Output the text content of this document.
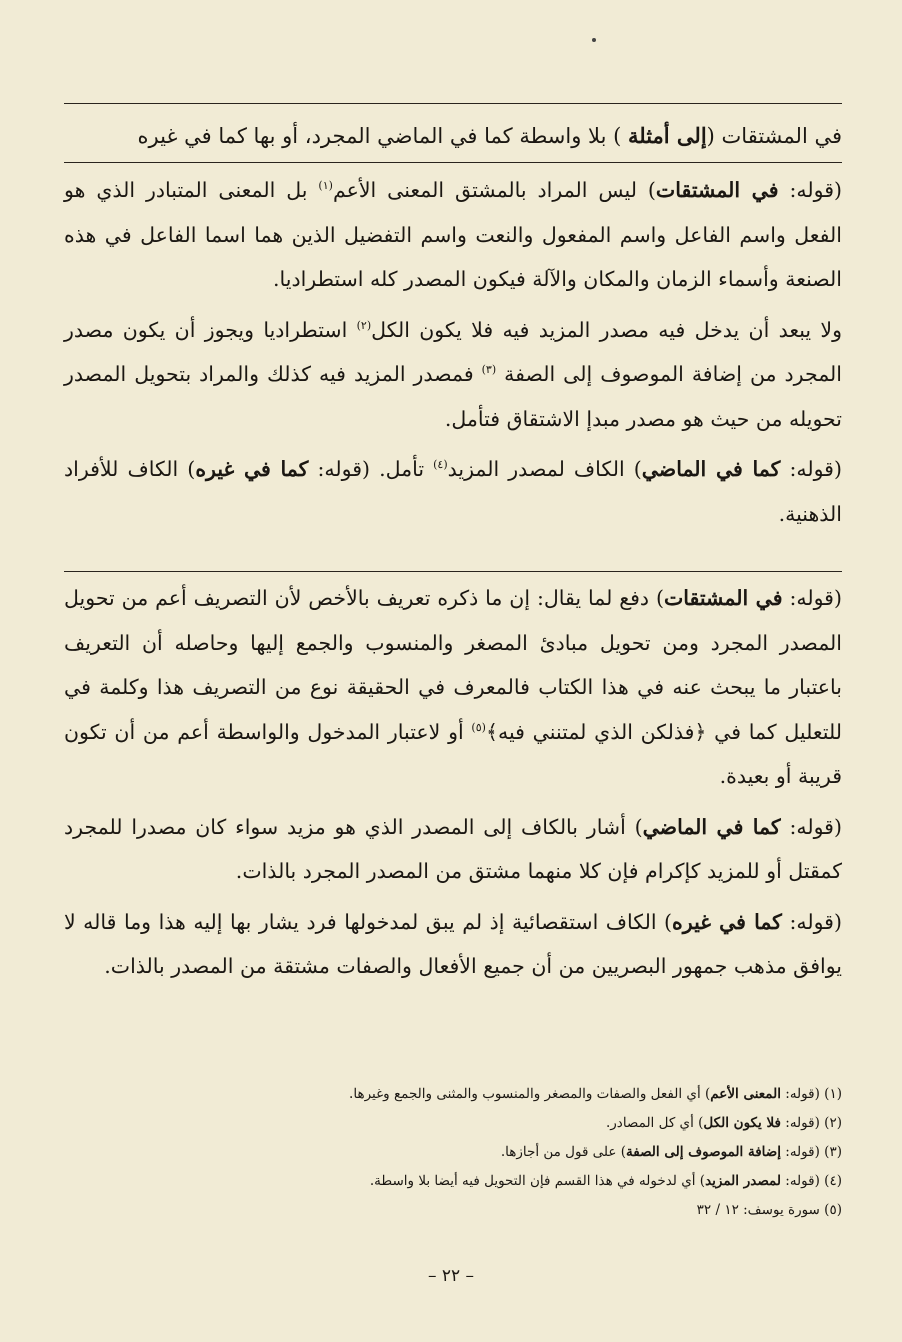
في المشتقات (إلى أمثلة ) بلا واسطة كما في الماضي المجرد، أو بها كما في غيره

(قوله: في المشتقات) ليس المراد بالمشتق المعنى الأعم$^{(١)}$ بل المعنى المتبادر الذي هو الفعل واسم الفاعل واسم المفعول والنعت واسم التفضيل الذين هما اسما الفاعل في هذه الصنعة وأسماء الزمان والمكان والآلة فيكون المصدر كله استطراديا.

ولا يبعد أن يدخل فيه مصدر المزيد فيه فلا يكون الكل$^{(٢)}$ استطراديا ويجوز أن يكون مصدر المجرد من إضافة الموصوف إلى الصفة $^{(٣)}$ فمصدر المزيد فيه كذلك والمراد بتحويل المصدر تحويله من حيث هو مصدر مبدإ الاشتقاق فتأمل.

(قوله: كما في الماضي) الكاف لمصدر المزيد$^{(٤)}$ تأمل. (قوله: كما في غيره) الكاف للأفراد الذهنية.

(قوله: في المشتقات) دفع لما يقال: إن ما ذكره تعريف بالأخص لأن التصريف أعم من تحويل المصدر المجرد ومن تحويل مبادئ المصغر والمنسوب والجمع إليها وحاصله أن التعريف باعتبار ما يبحث عنه في هذا الكتاب فالمعرف في الحقيقة نوع من التصريف هذا وكلمة في للتعليل كما في ﴿فذلكن الذي لمتنني فيه﴾$^{(٥)}$ أو لاعتبار المدخول والواسطة أعم من أن تكون قريبة أو بعيدة.

(قوله: كما في الماضي) أشار بالكاف إلى المصدر الذي هو مزيد سواء كان مصدرا للمجرد كمقتل أو للمزيد كإكرام فإن كلا منهما مشتق من المصدر المجرد بالذات.

(قوله: كما في غيره) الكاف استقصائية إذ لم يبق لمدخولها فرد يشار بها إليه هذا وما قاله لا يوافق مذهب جمهور البصريين من أن جميع الأفعال والصفات مشتقة من المصدر بالذات.

(١) (قوله: المعنى الأعم) أي الفعل والصفات والمصغر والمنسوب والمثنى والجمع وغيرها.

(٢) (قوله: فلا يكون الكل) أي كل المصادر.

(٣) (قوله: إضافة الموصوف إلى الصفة) على قول من أجازها.

(٤) (قوله: لمصدر المزيد) أي لدخوله في هذا القسم فإن التحويل فيه أيضا بلا واسطة.

(٥) سورة يوسف: ١٢ / ٣٢

– ٢٢ –
